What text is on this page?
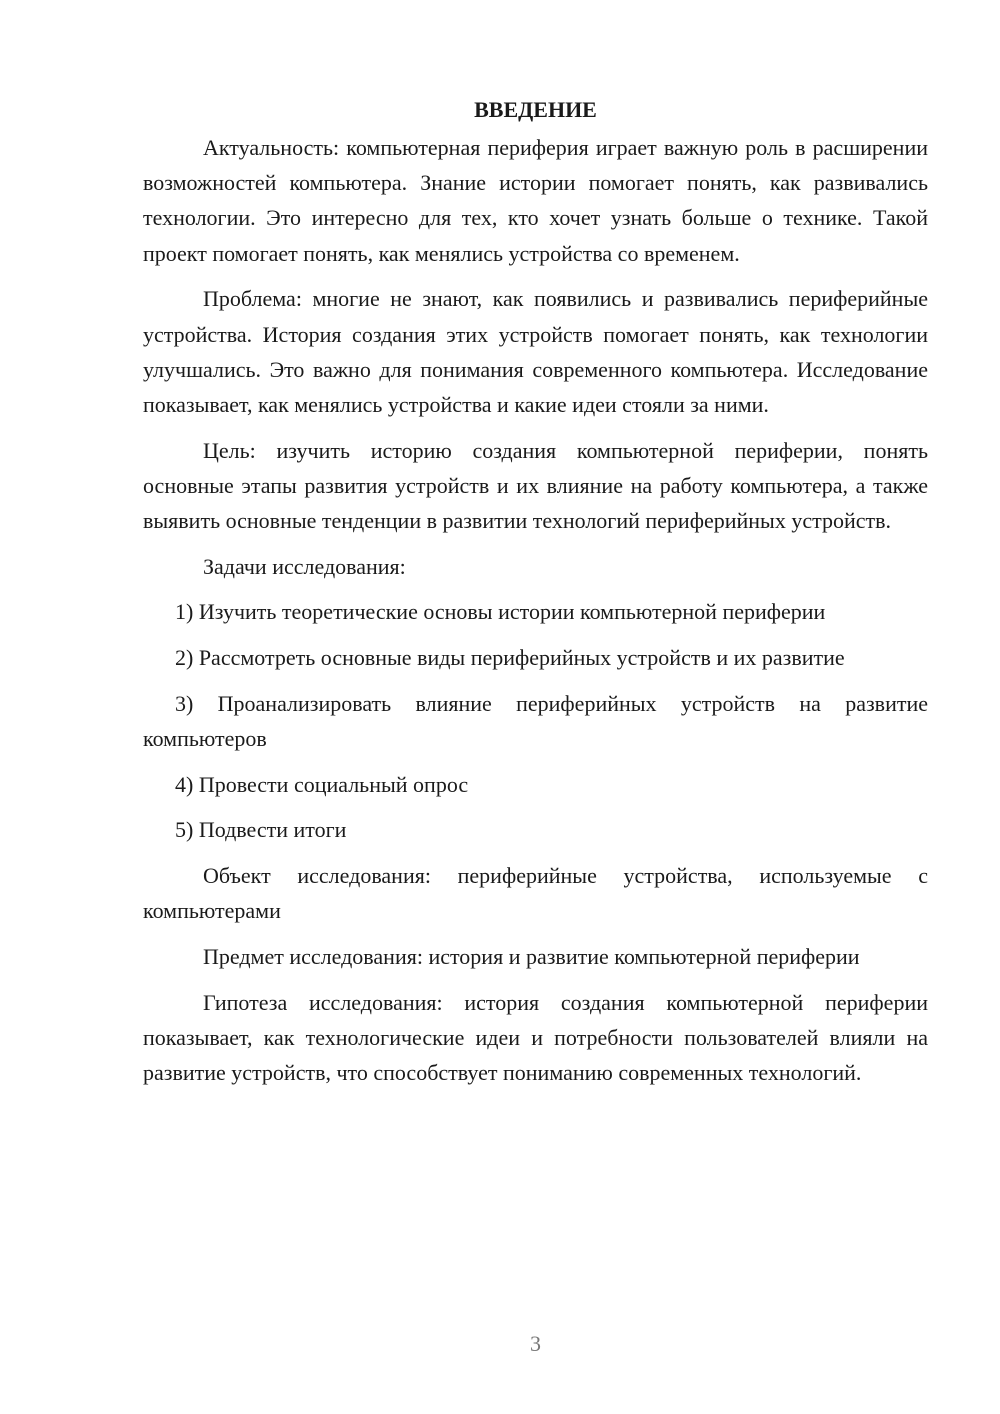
ВВЕДЕНИЕ

Актуальность: компьютерная периферия играет важную роль в расширении возможностей компьютера. Знание истории помогает понять, как развивались технологии. Это интересно для тех, кто хочет узнать больше о технике. Такой проект помогает понять, как менялись устройства со временем.

Проблема: многие не знают, как появились и развивались периферийные устройства. История создания этих устройств помогает понять, как технологии улучшались. Это важно для понимания современного компьютера. Исследование показывает, как менялись устройства и какие идеи стояли за ними.

Цель: изучить историю создания компьютерной периферии, понять основные этапы развития устройств и их влияние на работу компьютера, а также выявить основные тенденции в развитии технологий периферийных устройств.

Задачи исследования:

1) Изучить теоретические основы истории компьютерной периферии

2) Рассмотреть основные виды периферийных устройств и их развитие

3) Проанализировать влияние периферийных устройств на развитие компьютеров

4) Провести социальный опрос

5) Подвести итоги

Объект исследования: периферийные устройства, используемые с компьютерами

Предмет исследования: история и развитие компьютерной периферии

Гипотеза исследования: история создания компьютерной периферии показывает, как технологические идеи и потребности пользователей влияли на развитие устройств, что способствует пониманию современных технологий.

3
